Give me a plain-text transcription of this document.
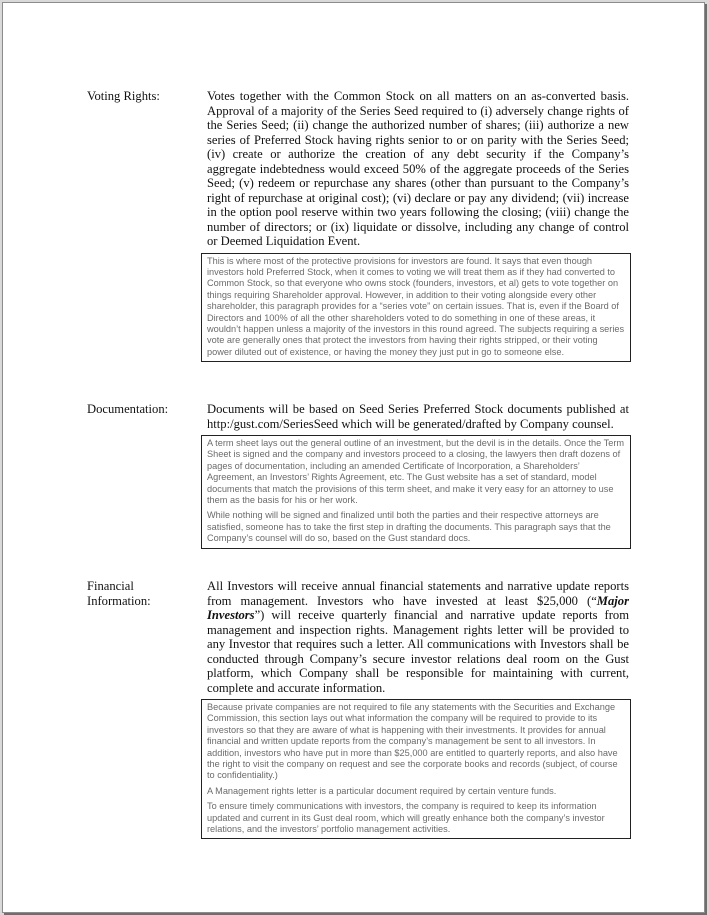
Voting Rights:	Votes together with the Common Stock on all matters on an as-converted basis. Approval of a majority of the Series Seed required to (i) adversely change rights of the Series Seed; (ii) change the authorized number of shares; (iii) authorize a new series of Preferred Stock having rights senior to or on parity with the Series Seed; (iv) create or authorize the creation of any debt security if the Company’s aggregate indebtedness would exceed 50% of the aggregate proceeds of the Series Seed; (v) redeem or repurchase any shares (other than pursuant to the Company’s right of repurchase at original cost); (vi) declare or pay any dividend; (vii) increase in the option pool reserve within two years following the closing; (viii) change the number of directors; or (ix) liquidate or dissolve, including any change of control or Deemed Liquidation Event.

This is where most of the protective provisions for investors are found. It says that even though investors hold Preferred Stock, when it comes to voting we will treat them as if they had converted to Common Stock, so that everyone who owns stock (founders, investors, et al) gets to vote together on things requiring Shareholder approval. However, in addition to their voting alongside every other shareholder, this paragraph provides for a “series vote” on certain issues. That is, even if the Board of Directors and 100% of all the other shareholders voted to do something in one of these areas, it wouldn’t happen unless a majority of the investors in this round agreed. The subjects requiring a series vote are generally ones that protect the investors from having their rights stripped, or their voting power diluted out of existence, or having the money they just put in go to someone else.

Documentation:	Documents will be based on Seed Series Preferred Stock documents published at http:/gust.com/SeriesSeed which will be generated/drafted by Company counsel.

A term sheet lays out the general outline of an investment, but the devil is in the details. Once the Term Sheet is signed and the company and investors proceed to a closing, the lawyers then draft dozens of pages of documentation, including an amended Certificate of Incorporation, a Shareholders’ Agreement, an Investors’ Rights Agreement, etc. The Gust website has a set of standard, model documents that match the provisions of this term sheet, and make it very easy for an attorney to use them as the basis for his or her work.

While nothing will be signed and finalized until both the parties and their respective attorneys are satisfied, someone has to take the first step in drafting the documents. This paragraph says that the Company’s counsel will do so, based on the Gust standard docs.

Financial
Information:
All Investors will receive annual financial statements and narrative update reports from management. Investors who have invested at least $25,000 (“Major Investors”) will receive quarterly financial and narrative update reports from management and inspection rights. Management rights letter will be provided to any Investor that requires such a letter. All communications with Investors shall be conducted through Company’s secure investor relations deal room on the Gust platform, which Company shall be responsible for maintaining with current, complete and accurate information.

Because private companies are not required to file any statements with the Securities and Exchange Commission, this section lays out what information the company will be required to provide to its investors so that they are aware of what is happening with their investments. It provides for annual financial and written update reports from the company’s management be sent to all investors. In addition, investors who have put in more than $25,000 are entitled to quarterly reports, and also have the right to visit the company on request and see the corporate books and records (subject, of course to confidentiality.)

A Management rights letter is a particular document required by certain venture funds.

To ensure timely communications with investors, the company is required to keep its information updated and current in its Gust deal room, which will greatly enhance both the company’s investor relations, and the investors’ portfolio management activities.
